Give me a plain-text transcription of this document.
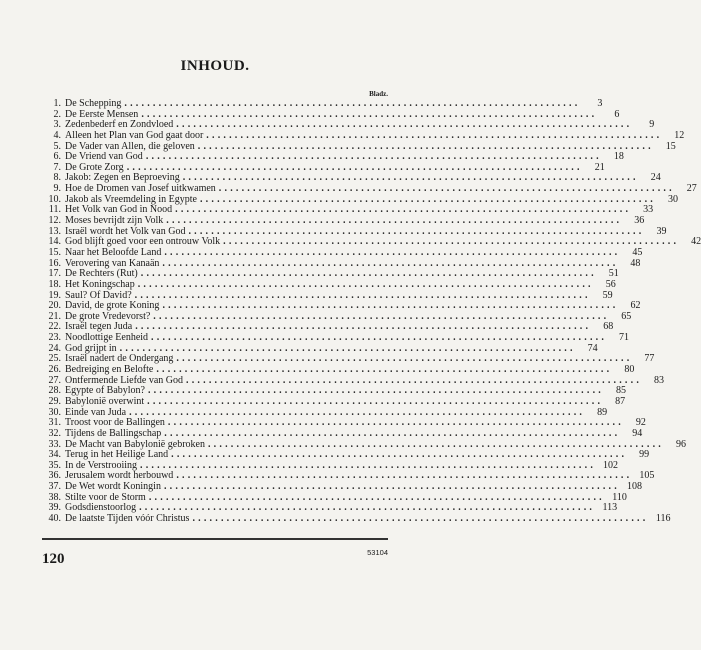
INHOUD.
Bladz.
1. De Schepping ................................................................................	3
2. De Eerste Mensen ................................................................................	6
3. Zedenbederf en Zondvloed ................................................................................	9
4. Alleen het Plan van God gaat door ................................................................................	12
5. De Vader van Allen, die geloven ................................................................................	15
6. De Vriend van God ................................................................................	18
7. De Grote Zorg ................................................................................	21
8. Jakob: Zegen en Beproeving ................................................................................	24
9. Hoe de Dromen van Josef uitkwamen ................................................................................	27
10. Jakob als Vreemdeling in Egypte ................................................................................	30
11. Het Volk van God in Nood ................................................................................	33
12. Moses bevrijdt zijn Volk ................................................................................	36
13. Israël wordt het Volk van God ................................................................................	39
14. God blijft goed voor een ontrouw Volk ................................................................................	42
15. Naar het Beloofde Land ................................................................................	45
16. Verovering van Kanaän ................................................................................	48
17. De Rechters (Rut) ................................................................................	51
18. Het Koningschap ................................................................................	56
19. Saul? Of David? ................................................................................	59
20. David, de grote Koning ................................................................................	62
21. De grote Vredevorst? ................................................................................	65
22. Israël tegen Juda ................................................................................	68
23. Noodlottige Eenheid ................................................................................	71
24. God grijpt in ................................................................................	74
25. Israël nadert de Ondergang ................................................................................	77
26. Bedreiging en Belofte ................................................................................	80
27. Ontfermende Liefde van God ................................................................................	83
28. Egypte of Babylon? ................................................................................	85
29. Babylonië overwint ................................................................................	87
30. Einde van Juda ................................................................................	89
31. Troost voor de Ballingen ................................................................................	92
32. Tijdens de Ballingschap ................................................................................	94
33. De Macht van Babylonië gebroken ................................................................................	96
34. Terug in het Heilige Land ................................................................................	99
35. In de Verstrooiing ................................................................................ 102
36. Jerusalem wordt herbouwd ................................................................................ 105
37. De Wet wordt Koningin ................................................................................ 108
38. Stilte voor de Storm ................................................................................ 110
39. Godsdienstoorlog ................................................................................ 113
40. De laatste Tijden vóór Christus ................................................................................ 116
120	53104
